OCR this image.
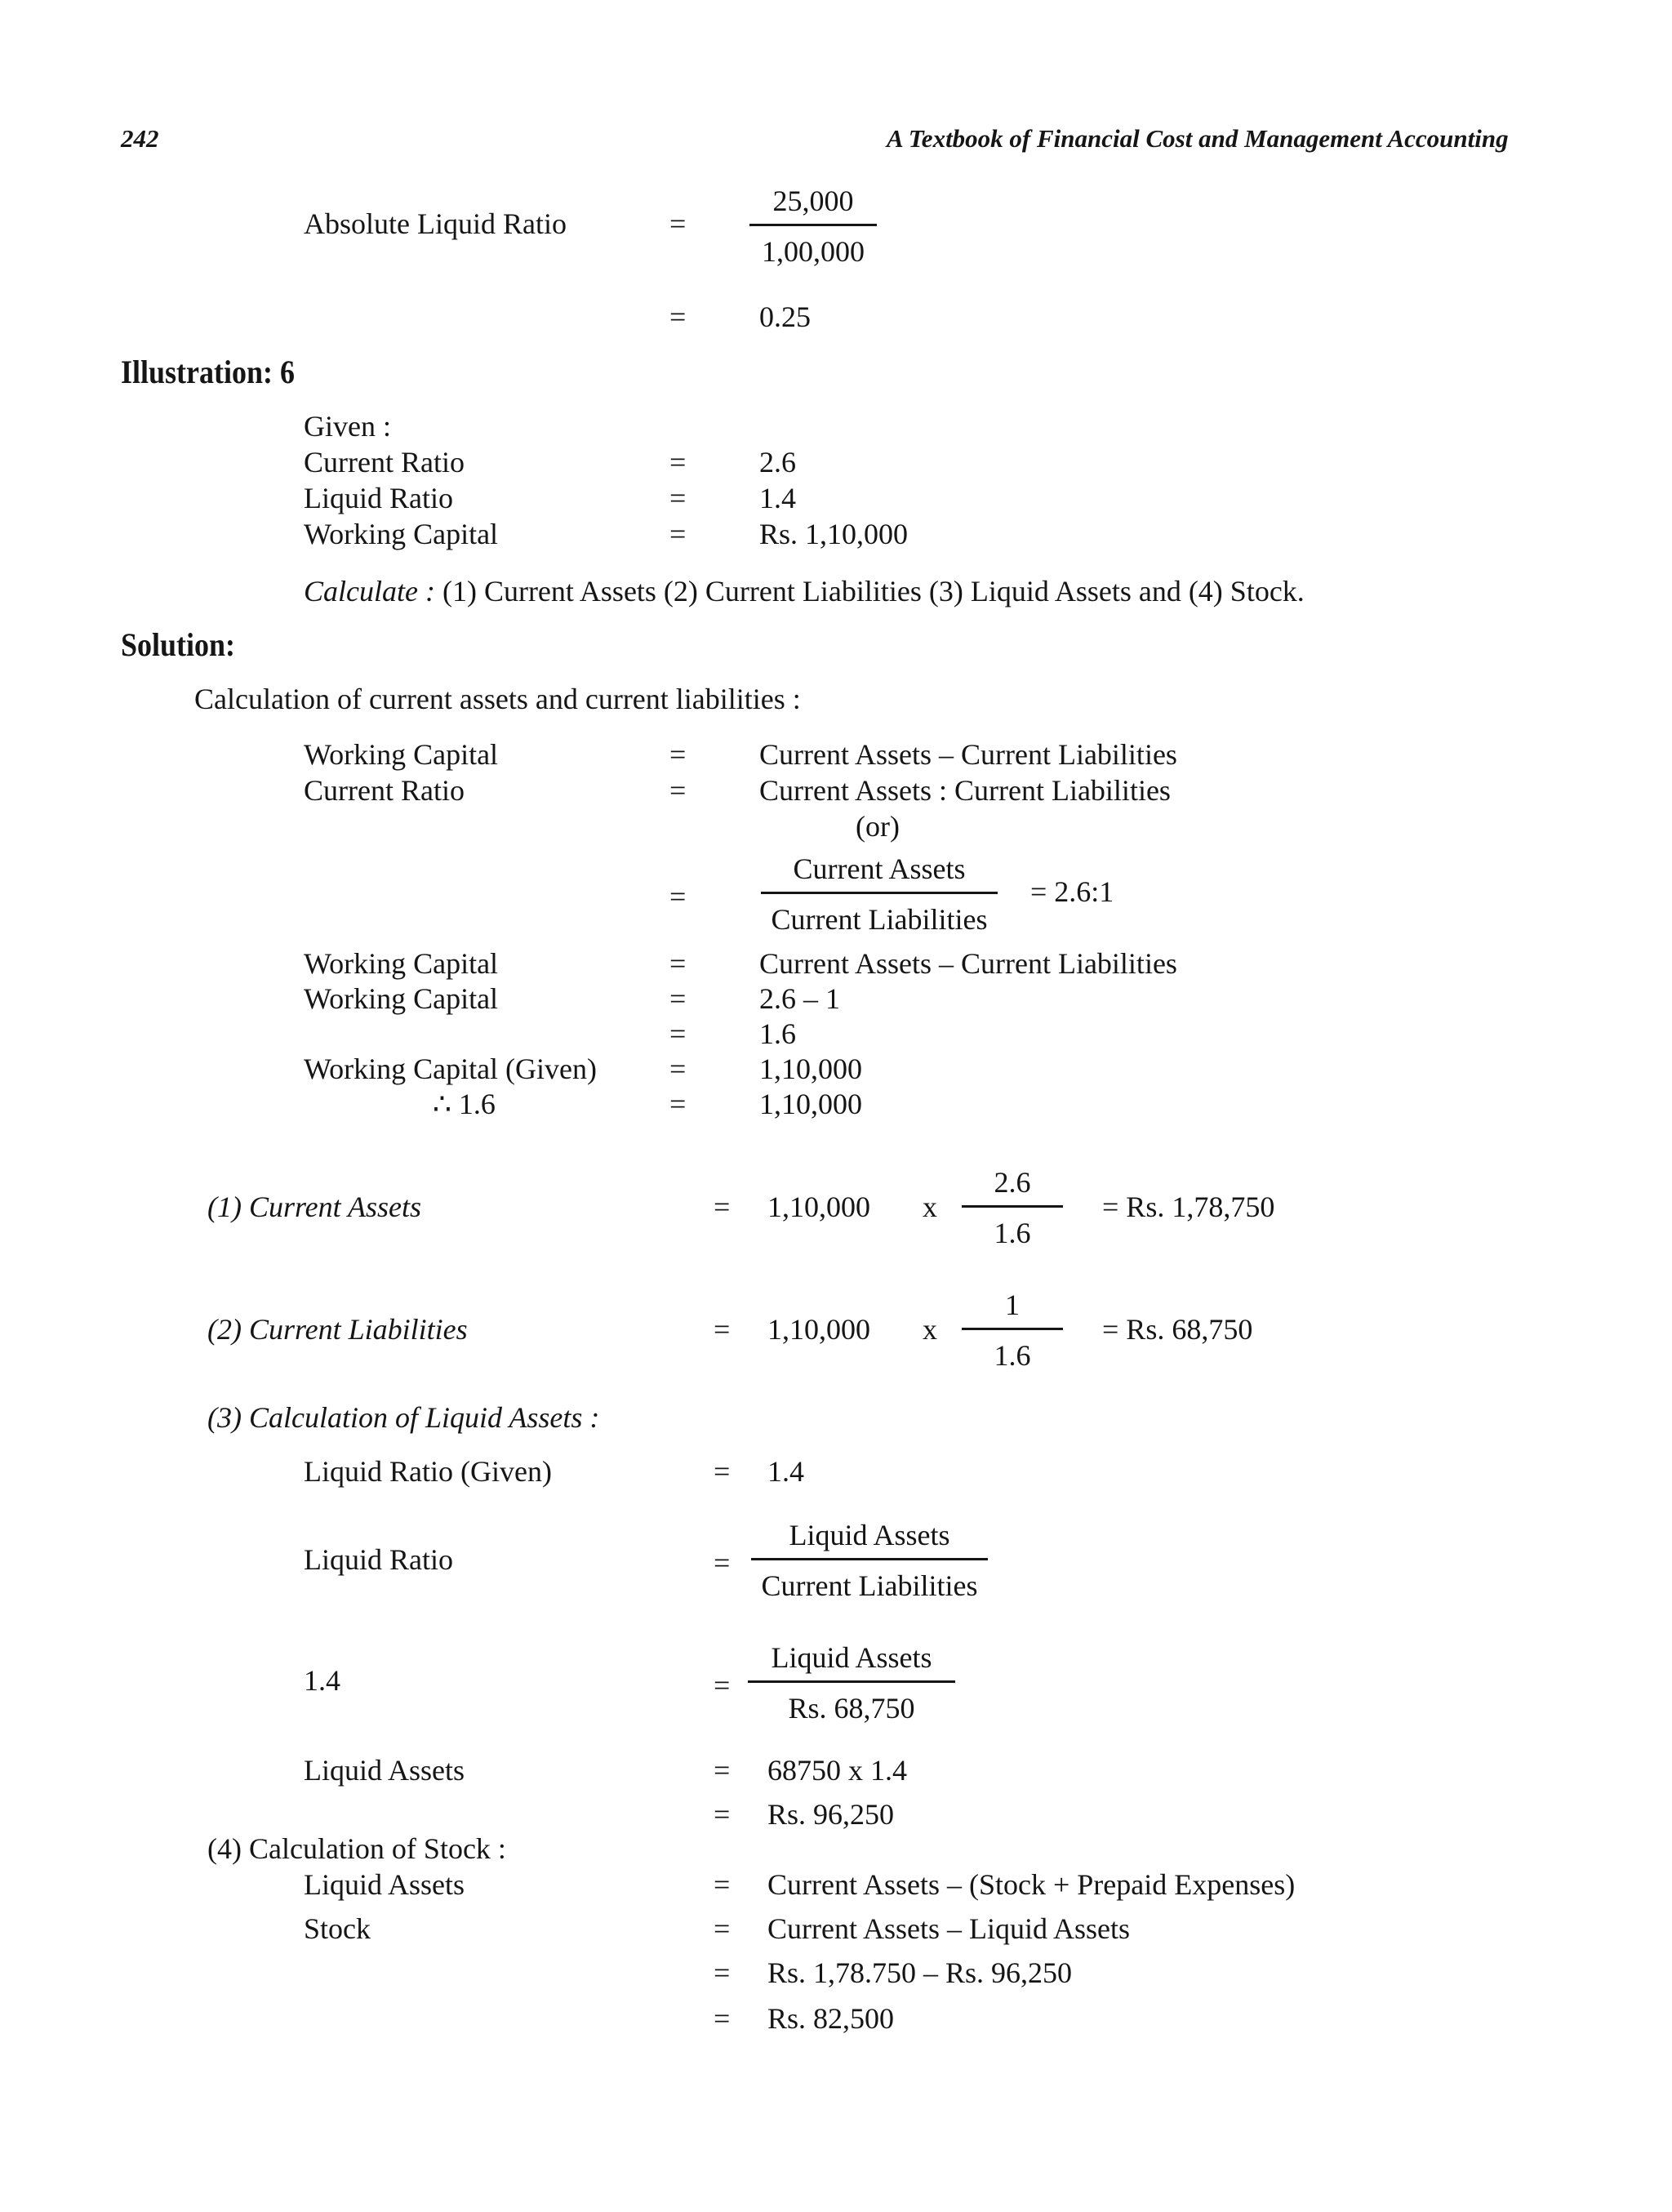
242	A Textbook of Financial Cost and Management Accounting
Absolute Liquid Ratio	=
25,000
1,00,000
= 0.25
Illustration: 6
Given :
Current Ratio	= 2.6
Liquid Ratio	= 1.4
Working Capital	= Rs. 1,10,000
Calculate : (1) Current Assets (2) Current Liabilities (3) Liquid Assets and (4) Stock.
Solution:
Calculation of current assets and current liabilities :
Working Capital	= Current Assets – Current Liabilities
Current Ratio	= Current Assets : Current Liabilities
(or)
=
Current Assets
Current Liabilities
= 2.6:1
Working Capital	= Current Assets – Current Liabilities
Working Capital	= 2.6 – 1
= 1.6
Working Capital (Given) = 1,10,000
∴ 1.6	= 1,10,000
(1) Current Assets	= 1,10,000 x
2.6
1.6
= Rs. 1,78,750
(2) Current Liabilities	= 1,10,000 x
1
1.6
= Rs. 68,750
(3) Calculation of Liquid Assets :
Liquid Ratio (Given)	= 1.4
Liquid Ratio	=
Liquid Assets
Current Liabilities
1.4	=
Liquid Assets
Rs. 68,750
Liquid Assets	= 68750 x 1.4
= Rs. 96,250
(4) Calculation of Stock :
Liquid Assets	= Current Assets – (Stock + Prepaid Expenses)
Stock	= Current Assets – Liquid Assets
= Rs. 1,78.750 – Rs. 96,250
= Rs. 82,500
